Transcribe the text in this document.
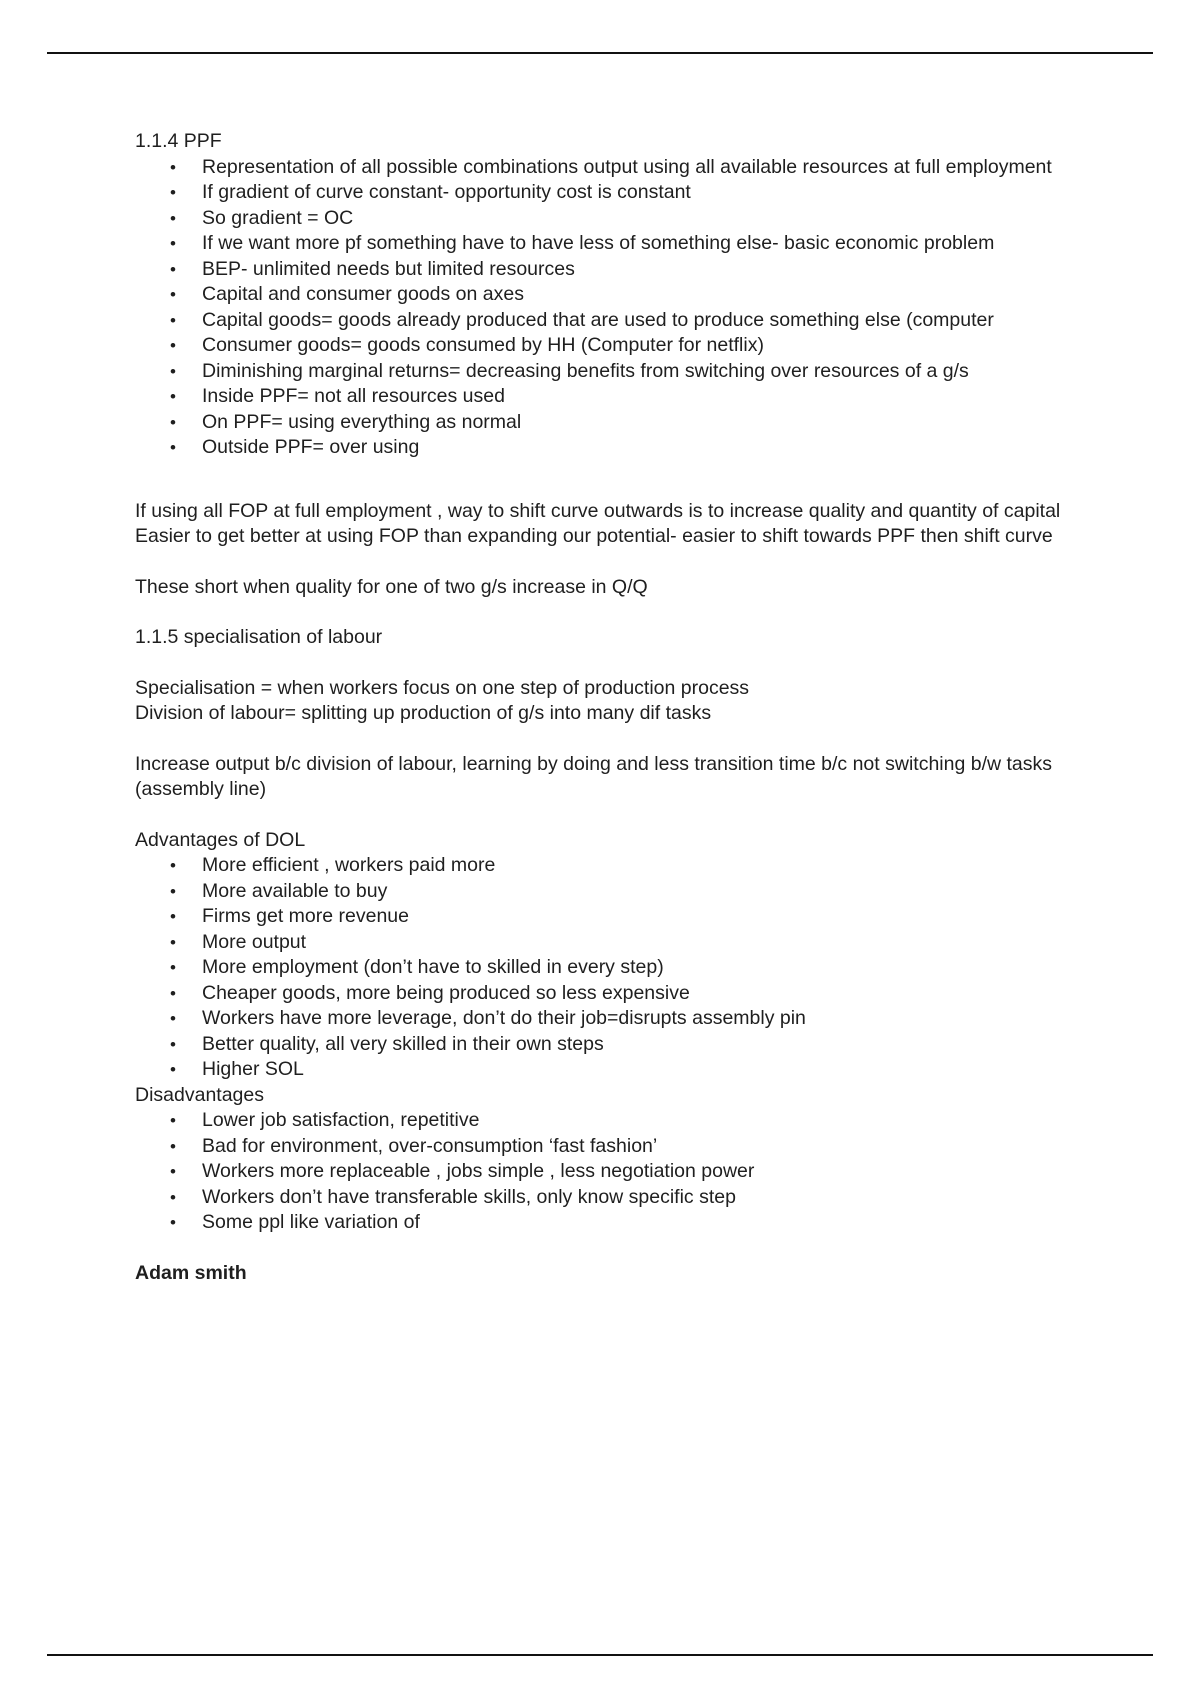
1.1.4 PPF

• Representation of all possible combinations output using all available resources at full employment
• If gradient of curve constant- opportunity cost is constant
• So gradient = OC
• If we want more pf something have to have less of something else- basic economic problem
• BEP- unlimited needs but limited resources
• Capital and consumer goods on axes
• Capital goods= goods already produced that are used to produce something else (computer
• Consumer goods= goods consumed by HH (Computer for netflix)
• Diminishing marginal returns= decreasing benefits from switching over resources of a g/s
• Inside PPF= not all resources used
• On PPF= using everything as normal
• Outside PPF= over using

If using all FOP at full employment , way to shift curve outwards is to increase quality and quantity of capital

Easier to get better at using FOP than expanding our potential- easier to shift towards PPF then shift curve

These short when quality for one of two g/s increase in Q/Q

1.1.5 specialisation of labour

Specialisation = when workers focus on one step of production process

Division of labour= splitting up production of g/s into many dif tasks

Increase output b/c division of labour, learning by doing and less transition time b/c not switching b/w tasks (assembly line)

Advantages of DOL

• More efficient , workers paid more
• More available to buy
• Firms get more revenue
• More output
• More employment (don’t have to skilled in every step)
• Cheaper goods, more being produced so less expensive
• Workers have more leverage, don’t do their job=disrupts assembly pin
• Better quality, all very skilled in their own steps
• Higher SOL

Disadvantages

• Lower job satisfaction, repetitive
• Bad for environment, over-consumption ‘fast fashion’
• Workers more replaceable , jobs simple , less negotiation power
• Workers don’t have transferable skills, only know specific step
• Some ppl like variation of

Adam smith
